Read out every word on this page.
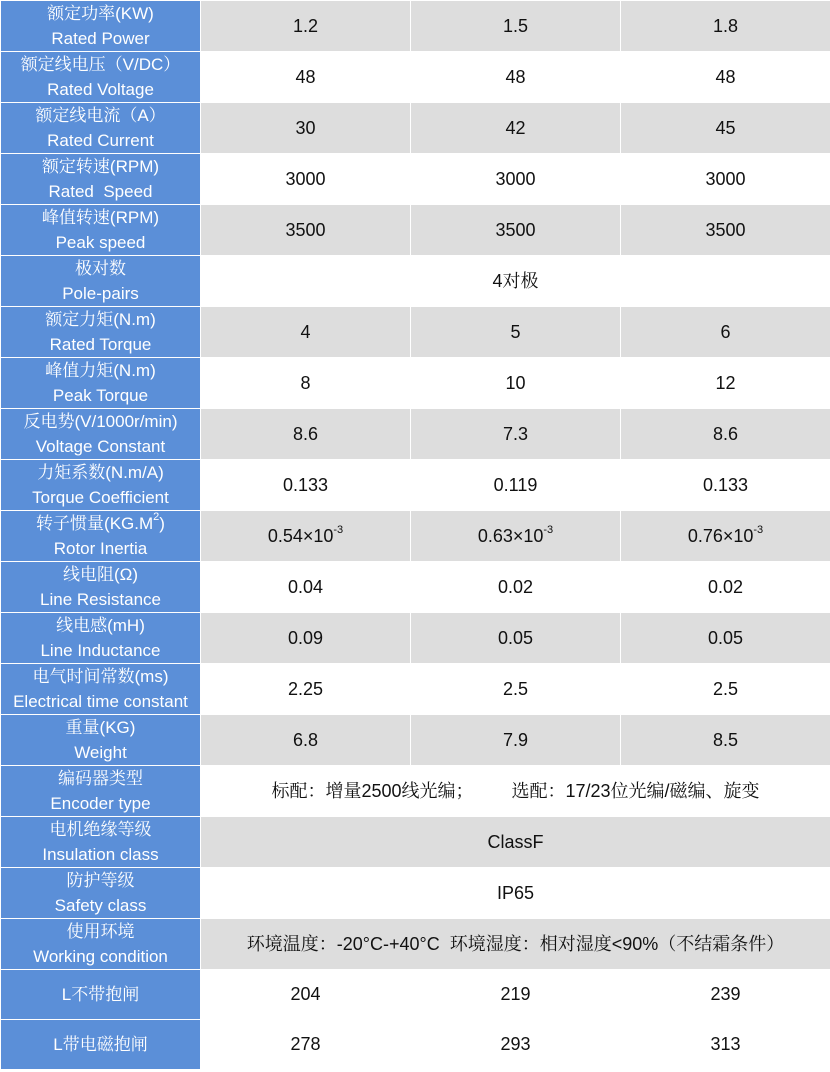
额定功率(KW)
Rated Power	1.2	1.5	1.8

额定线电压（V/DC）
Rated Voltage	48	48	48

额定线电流（A）
Rated Current	30	42	45

额定转速(RPM)
Rated  Speed	3000	3000	3000

峰值转速(RPM)
Peak speed	3500	3500	3500

极对数
Pole-pairs	4对极		

额定力矩(N.m)
Rated Torque	4	5	6

峰值力矩(N.m)
Peak Torque	8	10	12

反电势(V/1000r/min)
Voltage Constant	8.6	7.3	8.6

力矩系数(N.m/A)
Torque Coefficient	0.133	0.119	0.133

转子惯量$(KG.M^2)$
Rotor Inertia	$0.54\times 10^{-3}$	$0.63\times 10^{-3}$	$0.76\times 10^{-3}$

线电阻(Ω)
Line Resistance	0.04	0.02	0.02

线电感(mH)
Line Inductance	0.09	0.05	0.05

电气时间常数(ms)
Electrical time constant	2.25	2.5	2.5

重量(KG)
Weight	6.8	7.9	8.5

编码器类型
Encoder type	标配：增量2500线光编； 选配：17/23位光编/磁编、旋变		

电机绝缘等级
Insulation class	ClassF		

防护等级
Safety class	IP65		

使用环境
Working condition	环境温度：-20°C-+40°C  环境湿度：相对湿度<90%（不结霜条件）		

L不带抱闸	204	219	239

L带电磁抱闸	278	293	313
